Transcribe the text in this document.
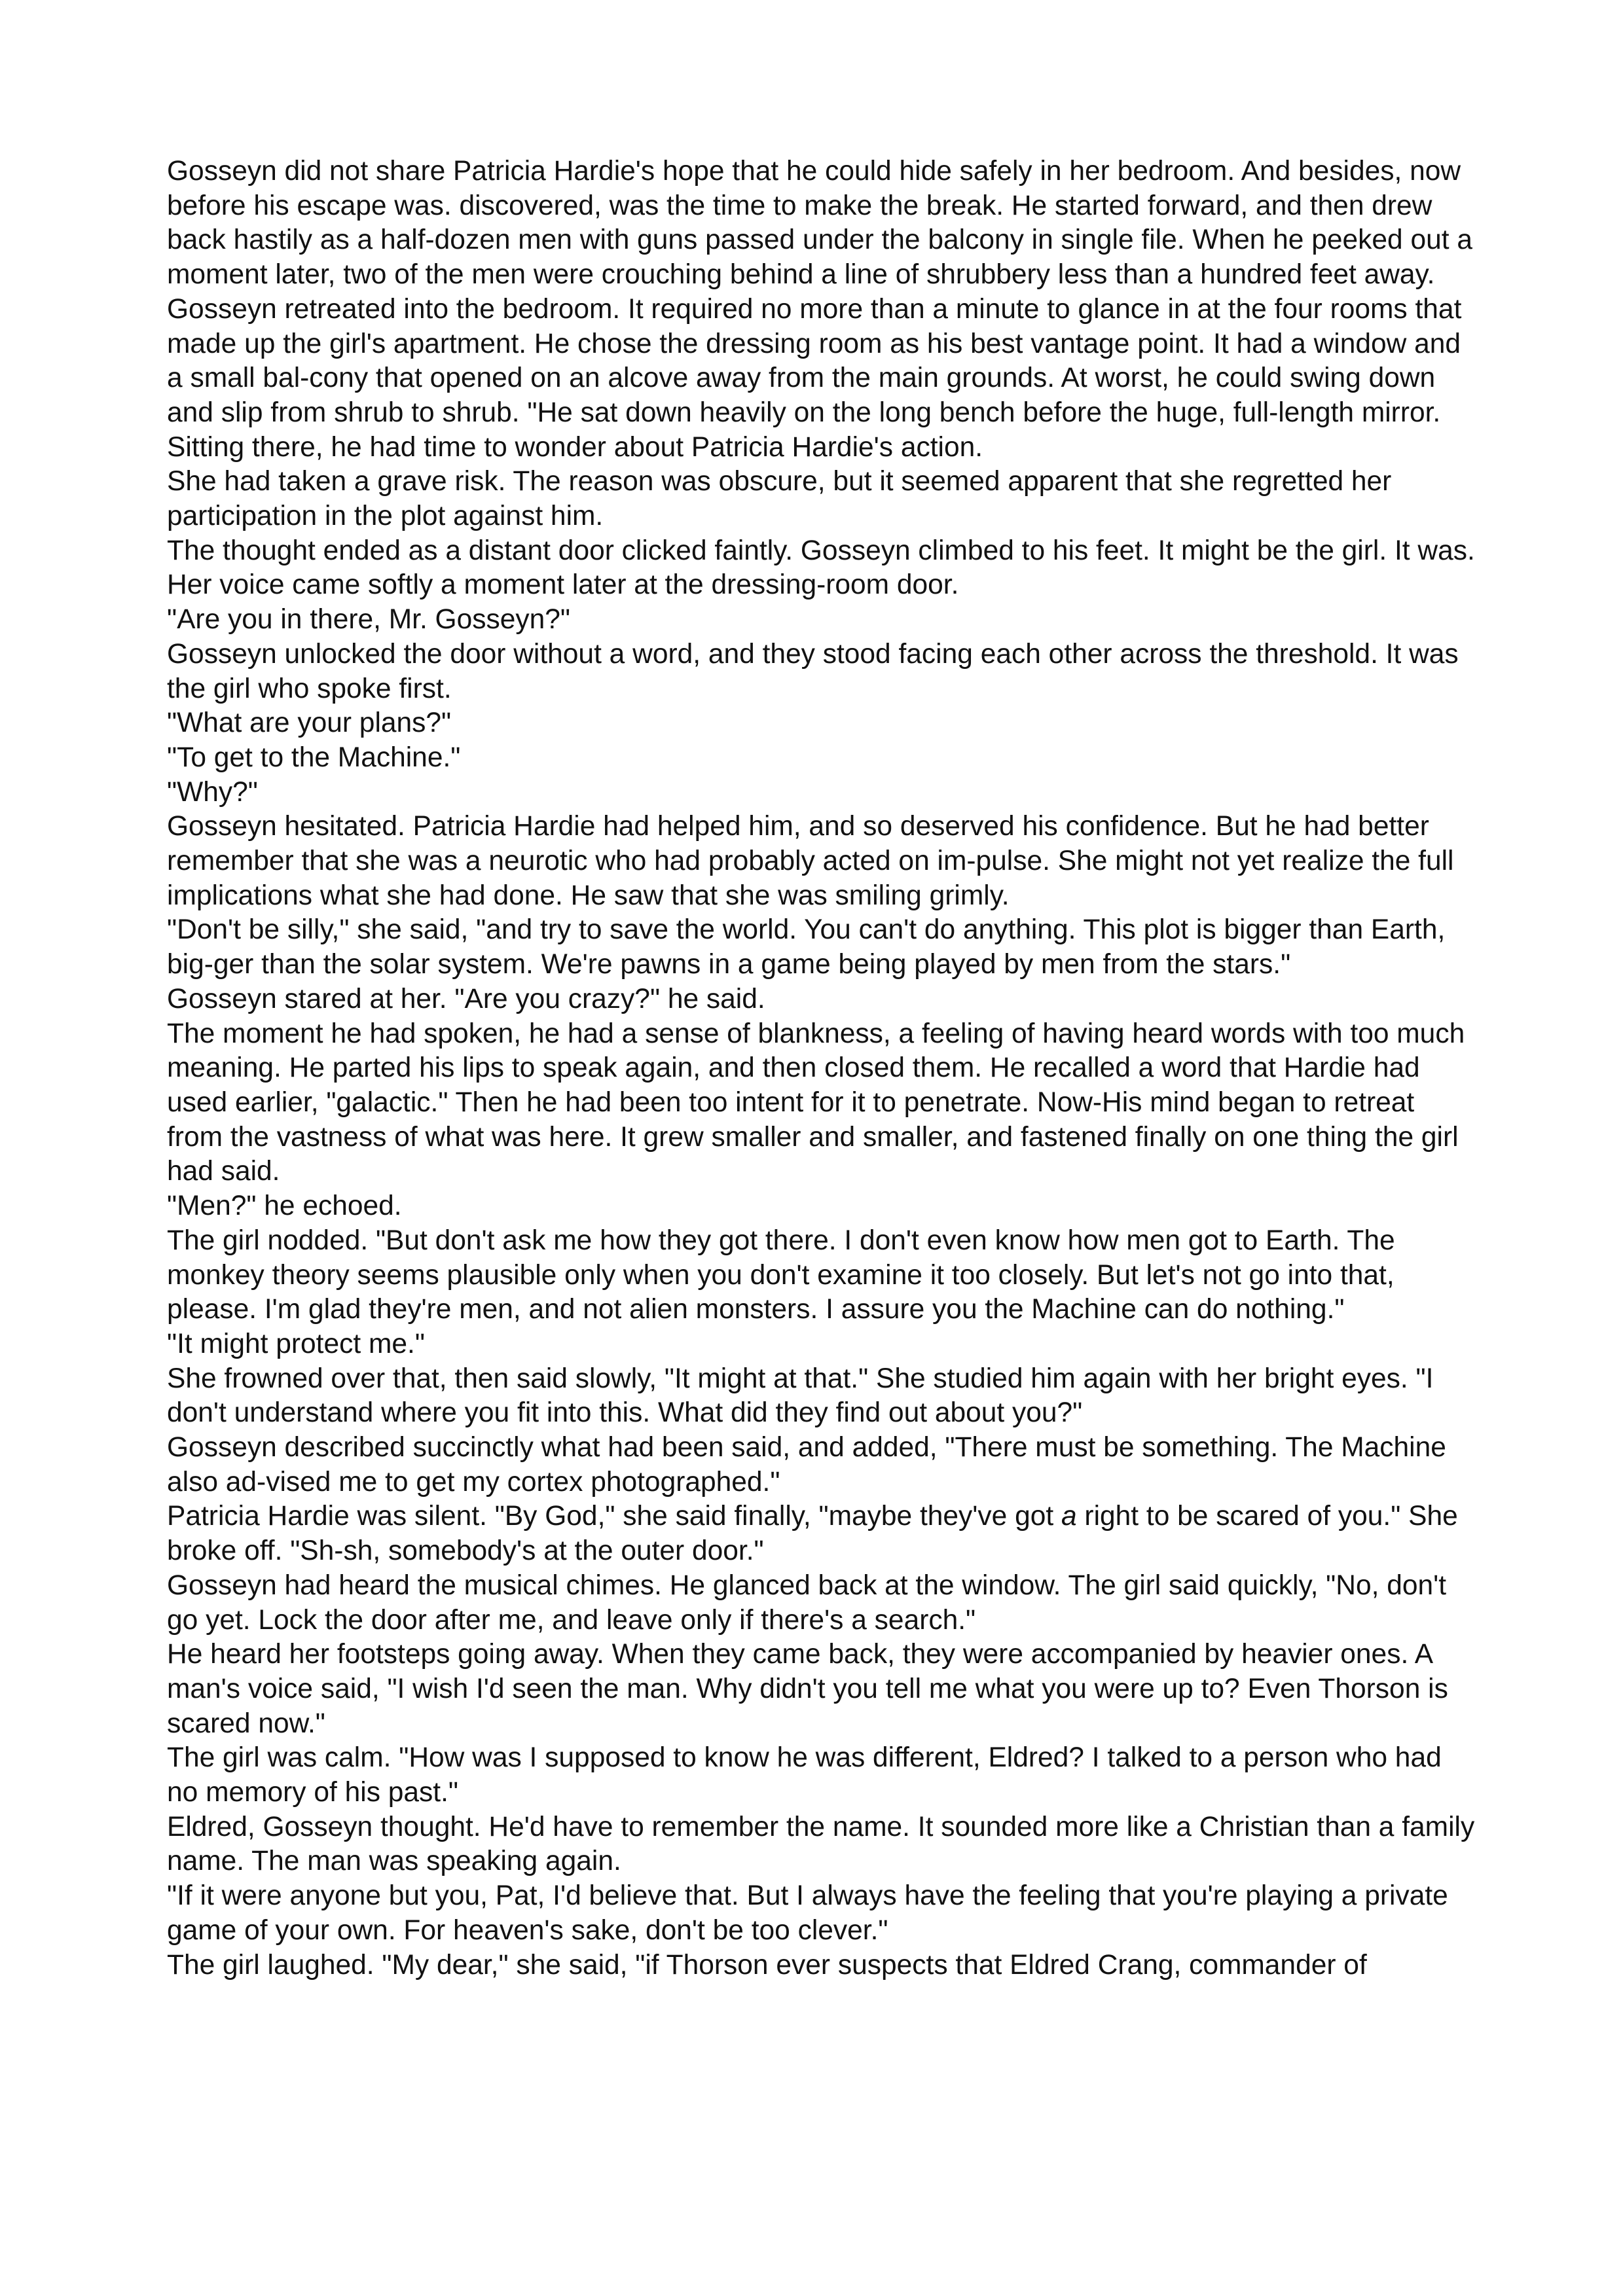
Gosseyn did not share Patricia Hardie's hope that he could hide safely in her bedroom. And besides, now before his escape was. discovered, was the time to make the break. He started forward, and then drew back hastily as a half-dozen men with guns passed under the balcony in single file. When he peeked out a moment later, two of the men were crouching behind a line of shrubbery less than a hundred feet away.

Gosseyn retreated into the bedroom. It required no more than a minute to glance in at the four rooms that made up the girl's apartment. He chose the dressing room as his best vantage point. It had a window and a small bal-cony that opened on an alcove away from the main grounds. At worst, he could swing down and slip from shrub to shrub. "He sat down heavily on the long bench before the huge, full-length mirror. Sitting there, he had time to wonder about Patricia Hardie's action.

She had taken a grave risk. The reason was obscure, but it seemed apparent that she regretted her participation in the plot against him.

The thought ended as a distant door clicked faintly. Gosseyn climbed to his feet. It might be the girl. It was. Her voice came softly a moment later at the dressing-room door.

"Are you in there, Mr. Gosseyn?"

Gosseyn unlocked the door without a word, and they stood facing each other across the threshold. It was the girl who spoke first.

"What are your plans?"

"To get to the Machine."

"Why?"

Gosseyn hesitated. Patricia Hardie had helped him, and so deserved his confidence. But he had better remember that she was a neurotic who had probably acted on im-pulse. She might not yet realize the full implications what she had done. He saw that she was smiling grimly.

"Don't be silly," she said, "and try to save the world. You can't do anything. This plot is bigger than Earth, big-ger than the solar system. We're pawns in a game being played by men from the stars."

Gosseyn stared at her. "Are you crazy?" he said.

The moment he had spoken, he had a sense of blankness, a feeling of having heard words with too much meaning. He parted his lips to speak again, and then closed them. He recalled a word that Hardie had used earlier, "galactic." Then he had been too intent for it to penetrate. Now-His mind began to retreat from the vastness of what was here. It grew smaller and smaller, and fastened finally on one thing the girl had said.

"Men?" he echoed.

The girl nodded. "But don't ask me how they got there. I don't even know how men got to Earth. The monkey theory seems plausible only when you don't examine it too closely. But let's not go into that, please. I'm glad they're men, and not alien monsters. I assure you the Machine can do nothing."

"It might protect me."

She frowned over that, then said slowly, "It might at that." She studied him again with her bright eyes. "I don't understand where you fit into this. What did they find out about you?"

Gosseyn described succinctly what had been said, and added, "There must be something. The Machine also ad-vised me to get my cortex photographed."

Patricia Hardie was silent. "By God," she said finally, "maybe they've got a right to be scared of you." She broke off. "Sh-sh, somebody's at the outer door."

Gosseyn had heard the musical chimes. He glanced back at the window. The girl said quickly, "No, don't go yet. Lock the door after me, and leave only if there's a search."

He heard her footsteps going away. When they came back, they were accompanied by heavier ones. A man's voice said, "I wish I'd seen the man. Why didn't you tell me what you were up to? Even Thorson is scared now."

The girl was calm. "How was I supposed to know he was different, Eldred? I talked to a person who had no memory of his past."

Eldred, Gosseyn thought. He'd have to remember the name. It sounded more like a Christian than a family name. The man was speaking again.

"If it were anyone but you, Pat, I'd believe that. But I always have the feeling that you're playing a private game of your own. For heaven's sake, don't be too clever."

The girl laughed. "My dear," she said, "if Thorson ever suspects that Eldred Crang, commander of
